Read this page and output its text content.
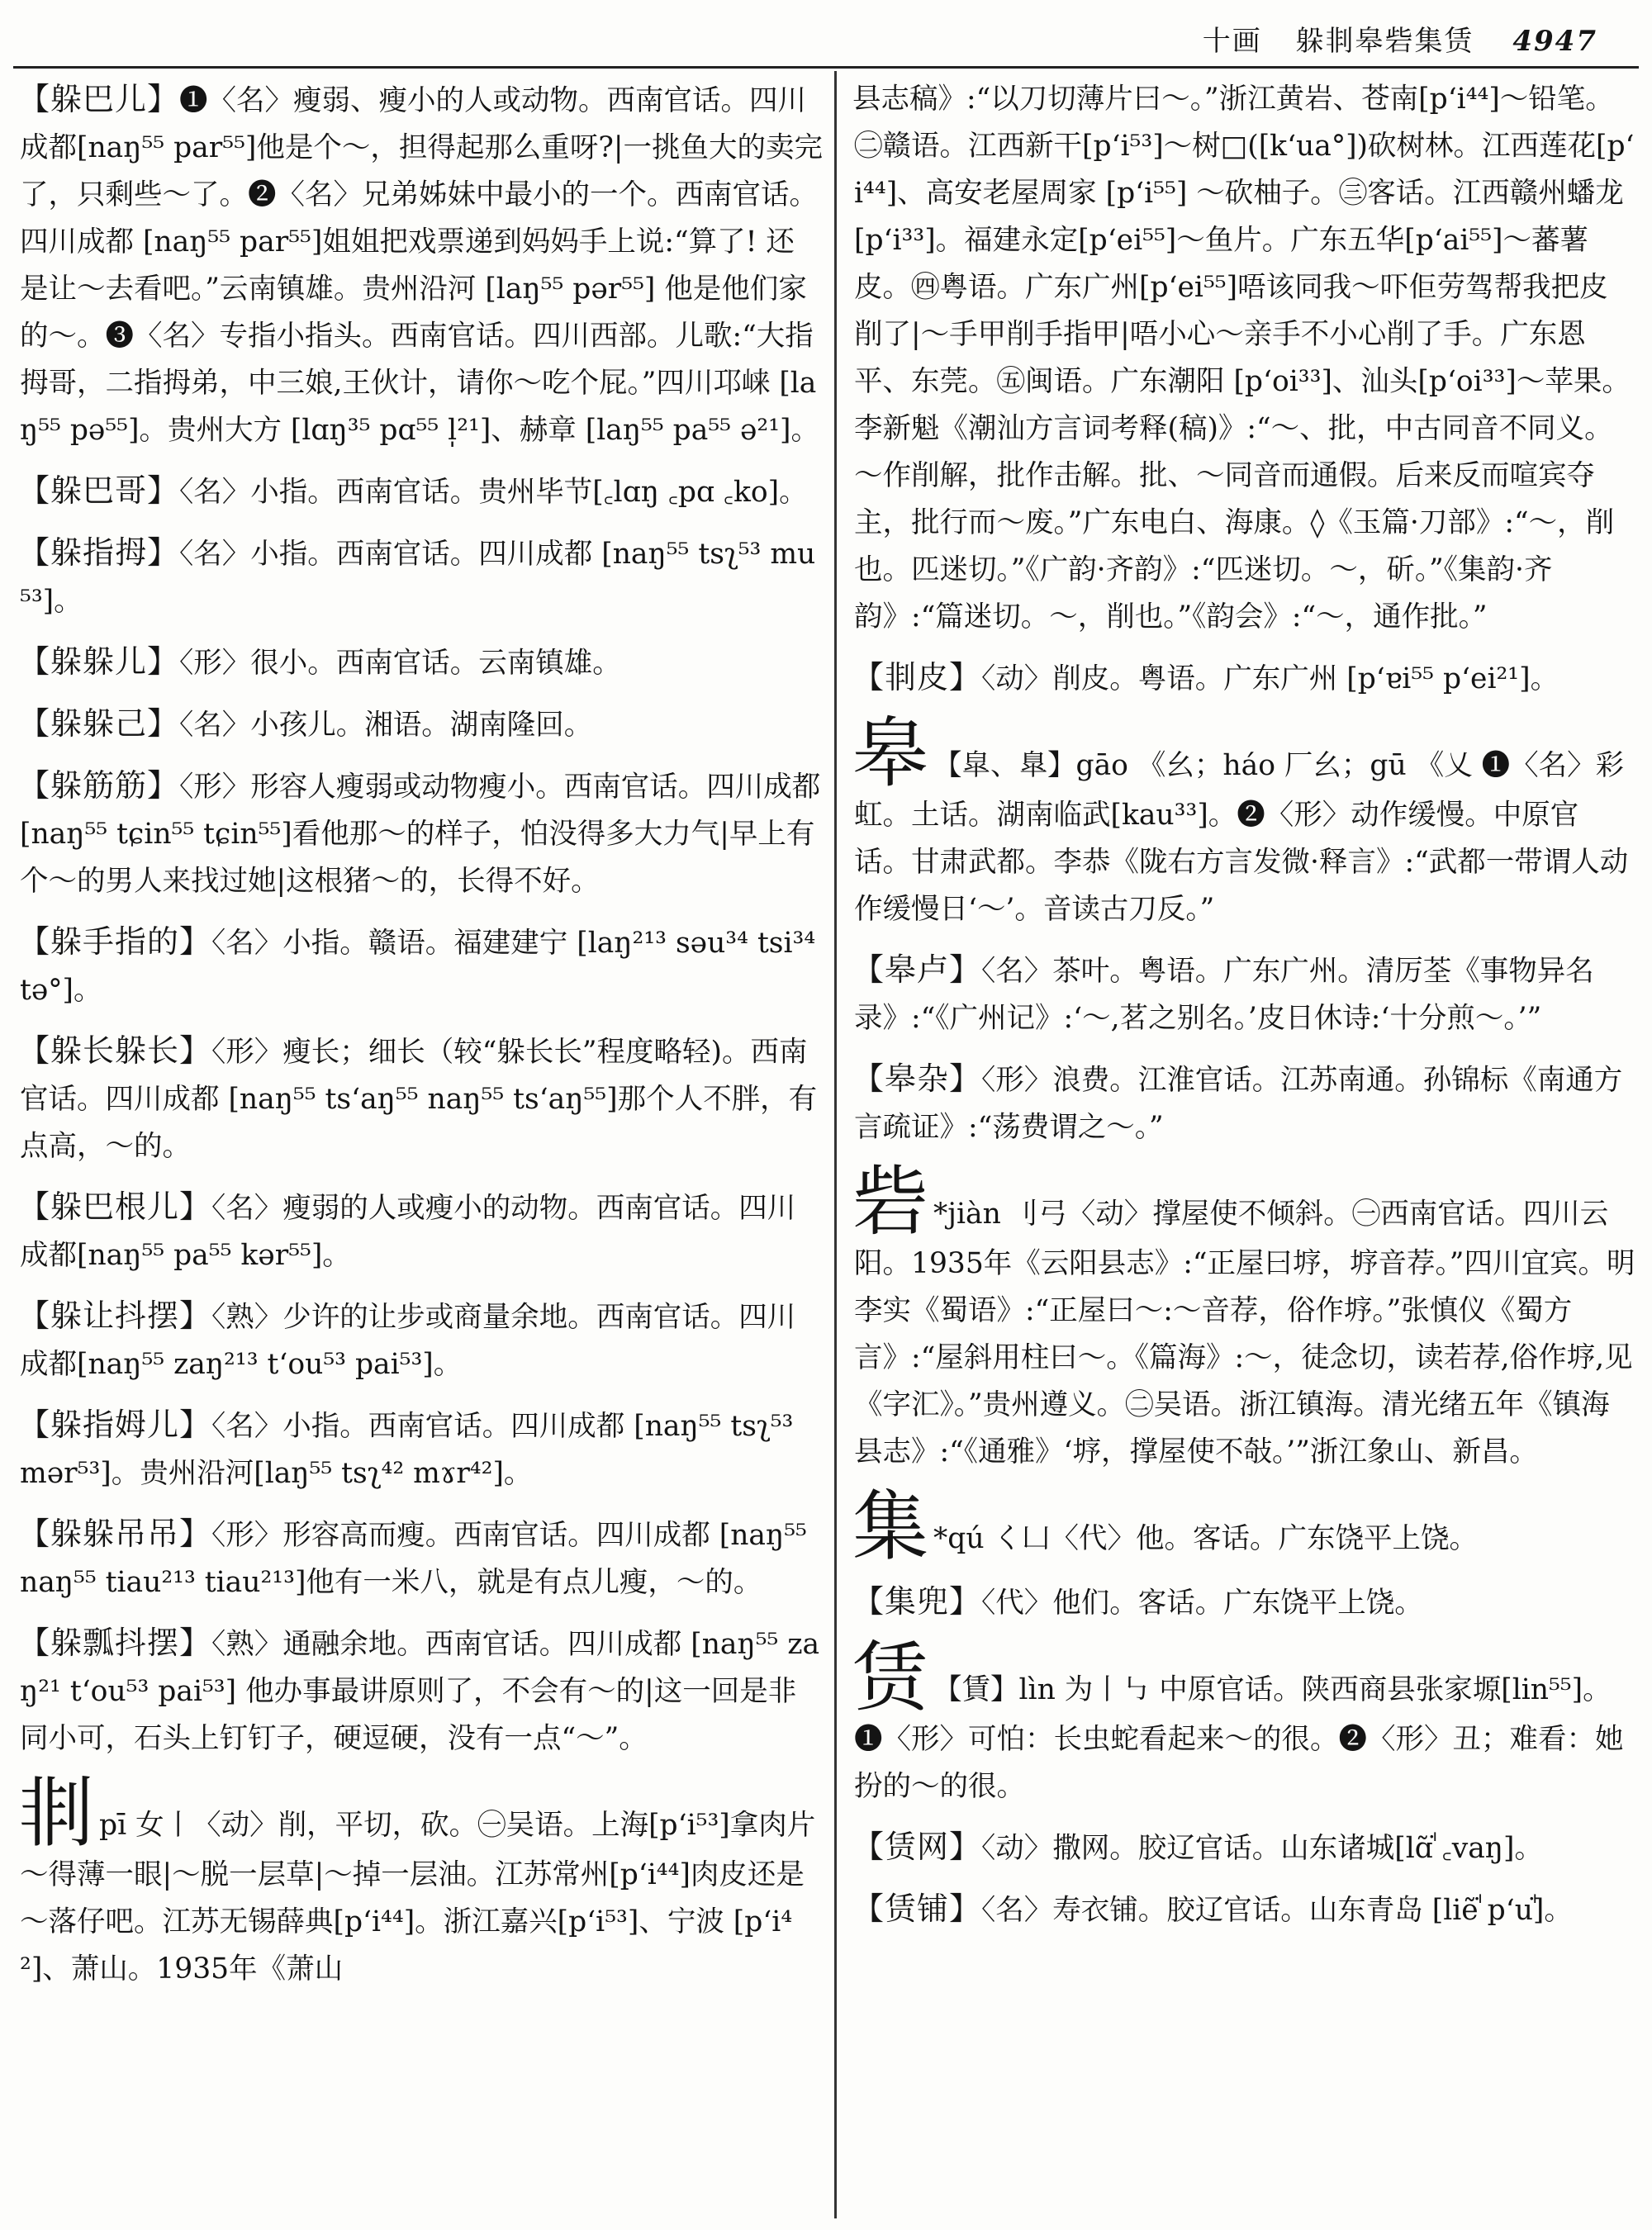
十画 躲剕皋砦集赁 4947

【躲巴儿】❶〈名〉瘦弱、瘦小的人或动物。西南官话。四川成都[naŋ⁵⁵ par⁵⁵]他是个～，担得起那么重呀?|一挑鱼大的卖完了，只剩些～了。❷〈名〉兄弟姊妹中最小的一个。西南官话。四川成都 [naŋ⁵⁵ par⁵⁵]姐姐把戏票递到妈妈手上说:“算了! 还是让～去看吧。”云南镇雄。贵州沿河 [laŋ⁵⁵ pər⁵⁵] 他是他们家的～。❸〈名〉专指小指头。西南官话。四川西部。儿歌:“大指拇哥，二指拇弟，中三娘,王伙计，请你～吃个屁。”四川邛崃 [laŋ⁵⁵ pə⁵⁵]。贵州大方 [lɑŋ³⁵ pɑ⁵⁵ l̩²¹]、赫章 [laŋ⁵⁵ pa⁵⁵ ə²¹]。

【躲巴哥】〈名〉小指。西南官话。贵州毕节[꜀lɑŋ ꜀pɑ ꜀ko]。

【躲指拇】〈名〉小指。西南官话。四川成都 [naŋ⁵⁵ tsʅ⁵³ mu⁵³]。

【躲躲儿】〈形〉很小。西南官话。云南镇雄。

【躲躲己】〈名〉小孩儿。湘语。湖南隆回。

【躲筋筋】〈形〉形容人瘦弱或动物瘦小。西南官话。四川成都[naŋ⁵⁵ tɕin⁵⁵ tɕin⁵⁵]看他那～的样子，怕没得多大力气|早上有个～的男人来找过她|这根猪～的，长得不好。

【躲手指的】〈名〉小指。赣语。福建建宁 [laŋ²¹³ səu³⁴ tsi³⁴ tə°]。

【躲长躲长】〈形〉瘦长；细长（较“躲长长”程度略轻)。西南官话。四川成都 [naŋ⁵⁵ tsʻaŋ⁵⁵ naŋ⁵⁵ tsʻaŋ⁵⁵]那个人不胖，有点高，～的。

【躲巴根儿】〈名〉瘦弱的人或瘦小的动物。西南官话。四川成都[naŋ⁵⁵ pa⁵⁵ kər⁵⁵]。

【躲让抖摆】〈熟〉少许的让步或商量余地。西南官话。四川成都[naŋ⁵⁵ zaŋ²¹³ tʻou⁵³ pai⁵³]。

【躲指姆儿】〈名〉小指。西南官话。四川成都 [naŋ⁵⁵ tsʅ⁵³ mər⁵³]。贵州沿河[laŋ⁵⁵ tsʅ⁴² mɤr⁴²]。

【躲躲吊吊】〈形〉形容高而瘦。西南官话。四川成都 [naŋ⁵⁵ naŋ⁵⁵ tiau²¹³ tiau²¹³]他有一米八，就是有点儿瘦，～的。

【躲瓢抖摆】〈熟〉通融余地。西南官话。四川成都 [naŋ⁵⁵ zaŋ²¹ tʻou⁵³ pai⁵³] 他办事最讲原则了，不会有～的|这一回是非同小可，石头上钉钉子，硬逗硬，没有一点“～”。

剕pī 女丨〈动〉削，平切，砍。㊀吴语。上海[pʻi⁵³]拿肉片～得薄一眼|～脱一层草|～掉一层油。江苏常州[pʻi⁴⁴]肉皮还是～落仔吧。江苏无锡薛典[pʻi⁴⁴]。浙江嘉兴[pʻi⁵³]、宁波 [pʻi⁴²]、萧山。1935年《萧山

县志稿》:“以刀切薄片曰～。”浙江黄岩、苍南[pʻi⁴⁴]～铅笔。㊁赣语。江西新干[pʻi⁵³]～树□([kʻua°])砍树林。江西莲花[pʻi⁴⁴]、高安老屋周家 [pʻi⁵⁵] ～砍柚子。㊂客话。江西赣州蟠龙 [pʻi³³]。福建永定[pʻei⁵⁵]～鱼片。广东五华[pʻai⁵⁵]～蕃薯皮。㊃粤语。广东广州[pʻei⁵⁵]唔该同我～吓佢劳驾帮我把皮削了|～手甲削手指甲|唔小心～亲手不小心削了手。广东恩平、东莞。㊄闽语。广东潮阳 [pʻoi³³]、汕头[pʻoi³³]～苹果。李新魁《潮汕方言词考释(稿)》:“～、批，中古同音不同义。～作削解，批作击解。批、～同音而通假。后来反而喧宾夺主，批行而～废。”广东电白、海康。◊《玉篇·刀部》:“～，削也。匹迷切。”《广韵·齐韵》:“匹迷切。～，斫。”《集韵·齐韵》:“篇迷切。～，削也。”《韵会》:“～，通作批。”

【剕皮】〈动〉削皮。粤语。广东广州 [pʻɐi⁵⁵ pʻei²¹]。

皋 【皐、臯】gāo 《幺；háo 厂幺；gū 《乂 ❶〈名〉彩虹。土话。湖南临武[kau³³]。❷〈形〉动作缓慢。中原官话。甘肃武都。李恭《陇右方言发微·释言》:“武都一带谓人动作缓慢日‘～’。音读古刀反。”

【皋卢】〈名〉茶叶。粤语。广东广州。清厉荃《事物异名录》:“《广州记》:‘～,茗之别名。’皮日休诗:‘十分煎～。’”

【皋杂】〈形〉浪费。江淮官话。江苏南通。孙锦标《南通方言疏证》:“荡费谓之～。”

砦 *jiàn 刂弓〈动〉撑屋使不倾斜。㊀西南官话。四川云阳。1935年《云阳县志》:“正屋曰垿，垿音荐。”四川宜宾。明李实《蜀语》:“正屋曰～:～音荐，俗作垿。”张慎仪《蜀方言》:“屋斜用柱曰～。《篇海》:～，徒念切，读若荐,俗作垿,见《字汇》。”贵州遵义。㊁吴语。浙江镇海。清光绪五年《镇海县志》:“《通雅》‘垿，撑屋使不敧。’”浙江象山、新昌。

集 *qú く凵〈代〉他。客话。广东饶平上饶。

【集兜】〈代〉他们。客话。广东饶平上饶。

赁 【賃】lìn 为丨㇉ 中原官话。陕西商县张家塬[lin⁵⁵]。❶〈形〉可怕：长虫蛇看起来～的很。❷〈形〉丑；难看：她扮的～的很。

【赁网】〈动〉撒网。胶辽官话。山东诸城[lɑ̃ꜗ ꜀vaŋ]。

【赁铺】〈名〉寿衣铺。胶辽官话。山东青岛 [liẽꜗ pʻuꜗ]。
